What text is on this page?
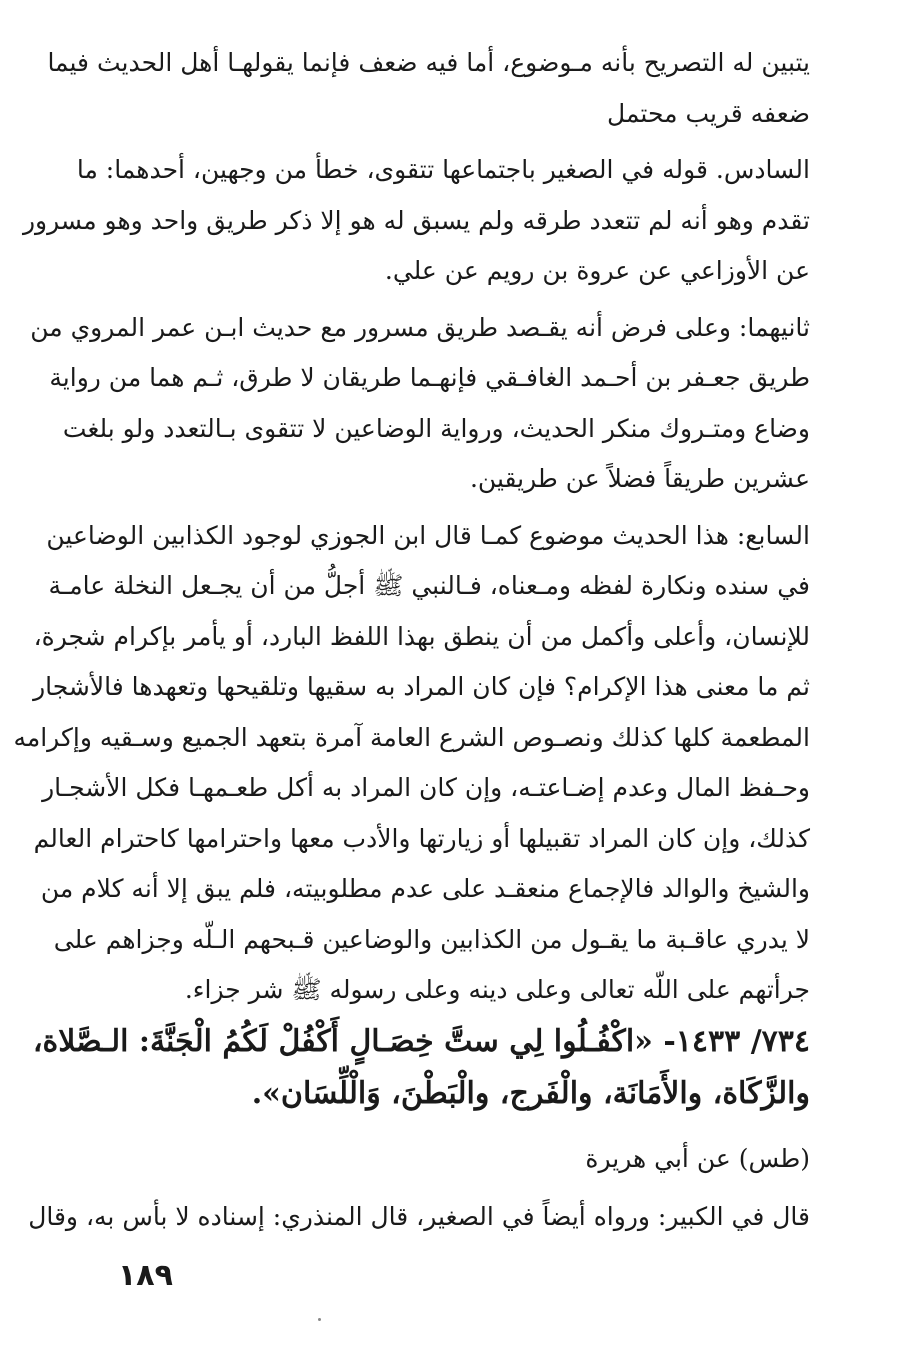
يتبين له التصريح بأنه مـوضوع، أما فيه ضعف فإنما يقولهـا أهل الحديث فيما
ضعفه قريب محتمل
السادس. قوله في الصغير باجتماعها تتقوى، خطأ من وجهين، أحدهما: ما
تقدم وهو أنه لم تتعدد طرقه ولم يسبق له هو إلا ذكر طريق واحد وهو مسرور
عن الأوزاعي عن عروة بن رويم عن علي.
ثانيهما: وعلى فرض أنه يقـصد طريق مسرور مع حديث ابـن عمر المروي من
طريق جعـفر بن أحـمد الغافـقي فإنهـما طريقان لا طرق، ثـم هما من رواية
وضاع ومتـروك منكر الحديث، ورواية الوضاعين لا تتقوى بـالتعدد ولو بلغت
عشرين طريقاً فضلاً عن طريقين.
السابع: هذا الحديث موضوع كمـا قال ابن الجوزي لوجود الكذابين الوضاعين
في سنده ونكارة لفظه ومـعناه، فـالنبي ﷺ أجلُّ من أن يجـعل النخلة عامـة
للإنسان، وأعلى وأكمل من أن ينطق بهذا اللفظ البارد، أو يأمر بإكرام شجرة،
ثم ما معنى هذا الإكرام؟ فإن كان المراد به سقيها وتلقيحها وتعهدها فالأشجار
المطعمة كلها كذلك ونصـوص الشرع العامة آمرة بتعهد الجميع وسـقيه وإكرامه
وحـفظ المال وعدم إضـاعتـه، وإن كان المراد به أكل طعـمهـا فكل الأشجـار
كذلك، وإن كان المراد تقبيلها أو زيارتها والأدب معها واحترامها كاحترام العالم
والشيخ والوالد فالإجماع منعقـد على عدم مطلوبيته، فلم يبق إلا أنه كلام من
لا يدري عاقـبة ما يقـول من الكذابين والوضاعين قـبحهم الـلّه وجزاهم على
جرأتهم على اللّه تعالى وعلى دينه وعلى رسوله ﷺ شر جزاء.
٧٣٤/ ١٤٣٣- «اكْفُـلُوا لِي ستَّ خِصَـالٍ أَكْفُلْ لَكُمُ الْجَنَّةَ: الـصَّلاة،
والزَّكَاة، والأَمَانَة، والْفَرج، والْبَطْنَ، وَالْلِّسَان».
(طس) عن أبي هريرة
قال في الكبير: ورواه أيضاً في الصغير، قال المنذري: إسناده لا بأس به، وقال
١٨٩
